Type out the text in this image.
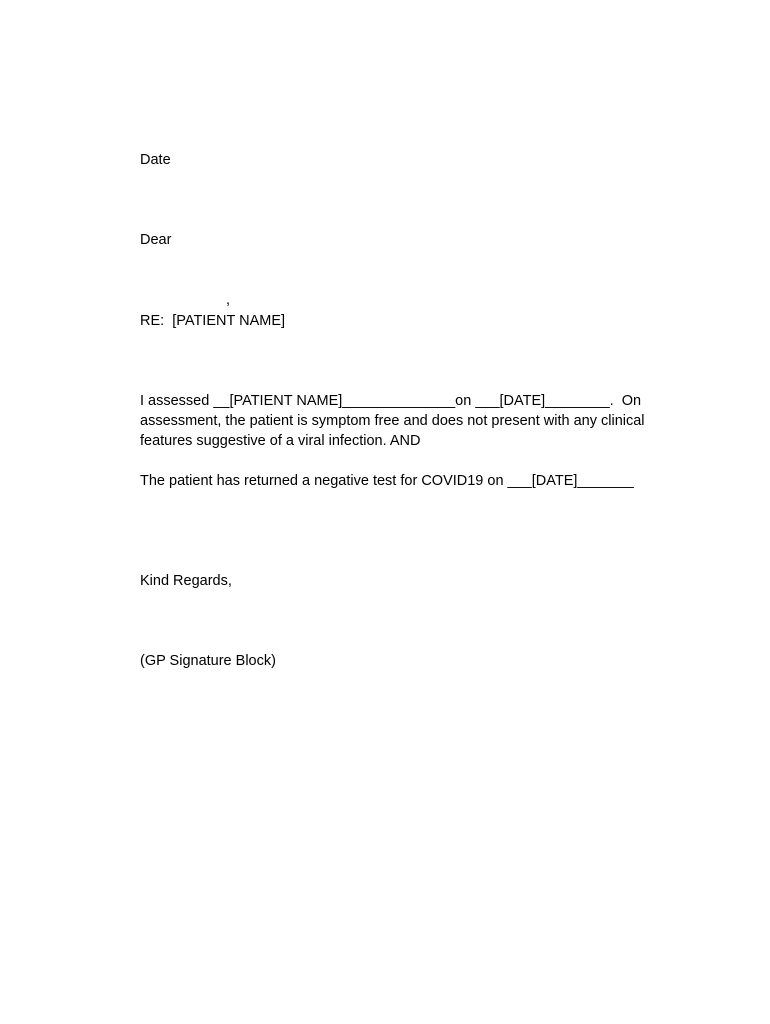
Date

Dear

,

RE:  [PATIENT NAME]

I assessed __[PATIENT NAME]______________on ___[DATE]________.  On
assessment, the patient is symptom free and does not present with any clinical
features suggestive of a viral infection. AND

The patient has returned a negative test for COVID19 on ___[DATE]_______

Kind Regards,

(GP Signature Block)
